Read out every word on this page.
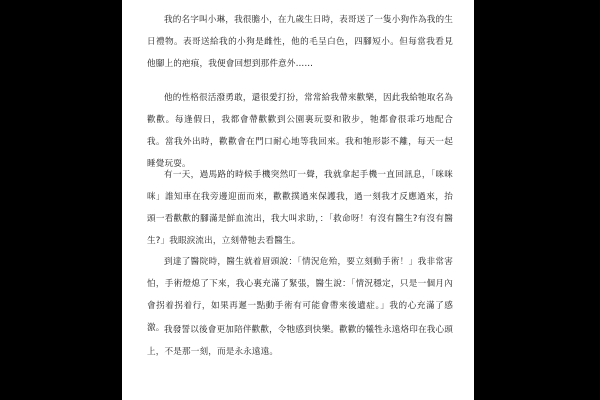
我的名字叫小琳，我很膽小，在九歲生日時，表哥送了一隻小狗作為我的生日禮物。表哥送給我的小狗是雌性，他的毛呈白色，四腳短小。但每當我看見他腳上的疤痕，我便會回想到那件意外……

他的性格很活潑勇敢，還很愛打扮，常常給我帶來歡樂，因此我給牠取名為歡歡。每逢假日，我都會帶歡歡到公園裏玩耍和散步，牠都會很乖巧地配合我。當我外出時，歡歡會在門口耐心地等我回來。我和牠形影不離，每天一起睡覺玩耍。

有一天，過馬路的時候手機突然叮一聲，我就拿起手機一直回訊息，「咪咪咪」誰知車在我旁邊迎面而來，歡歡撲過來保護我，過一刻我才反應過來，抬頭一看歡歡的腳滿是鮮血流出，我大叫求助，：「救命呀！有沒有醫生?有沒有醫生?」我眼淚流出，立刻帶牠去看醫生。

到達了醫院時，醫生就着眉頭說：「情況危殆，要立刻動手術！」我非常害怕，手術燈熄了下來，我心裏充滿了緊張，醫生說：「情況穩定，只是一個月內會拐着拐着行，如果再遲一點動手術有可能會帶來後遺症。」我的心充滿了感激。 我發誓以後會更加陪伴歡歡，令牠感到快樂。歡歡的犧牲永遠烙印在我心頭上，不是那一刻，而是永永遠遠。
